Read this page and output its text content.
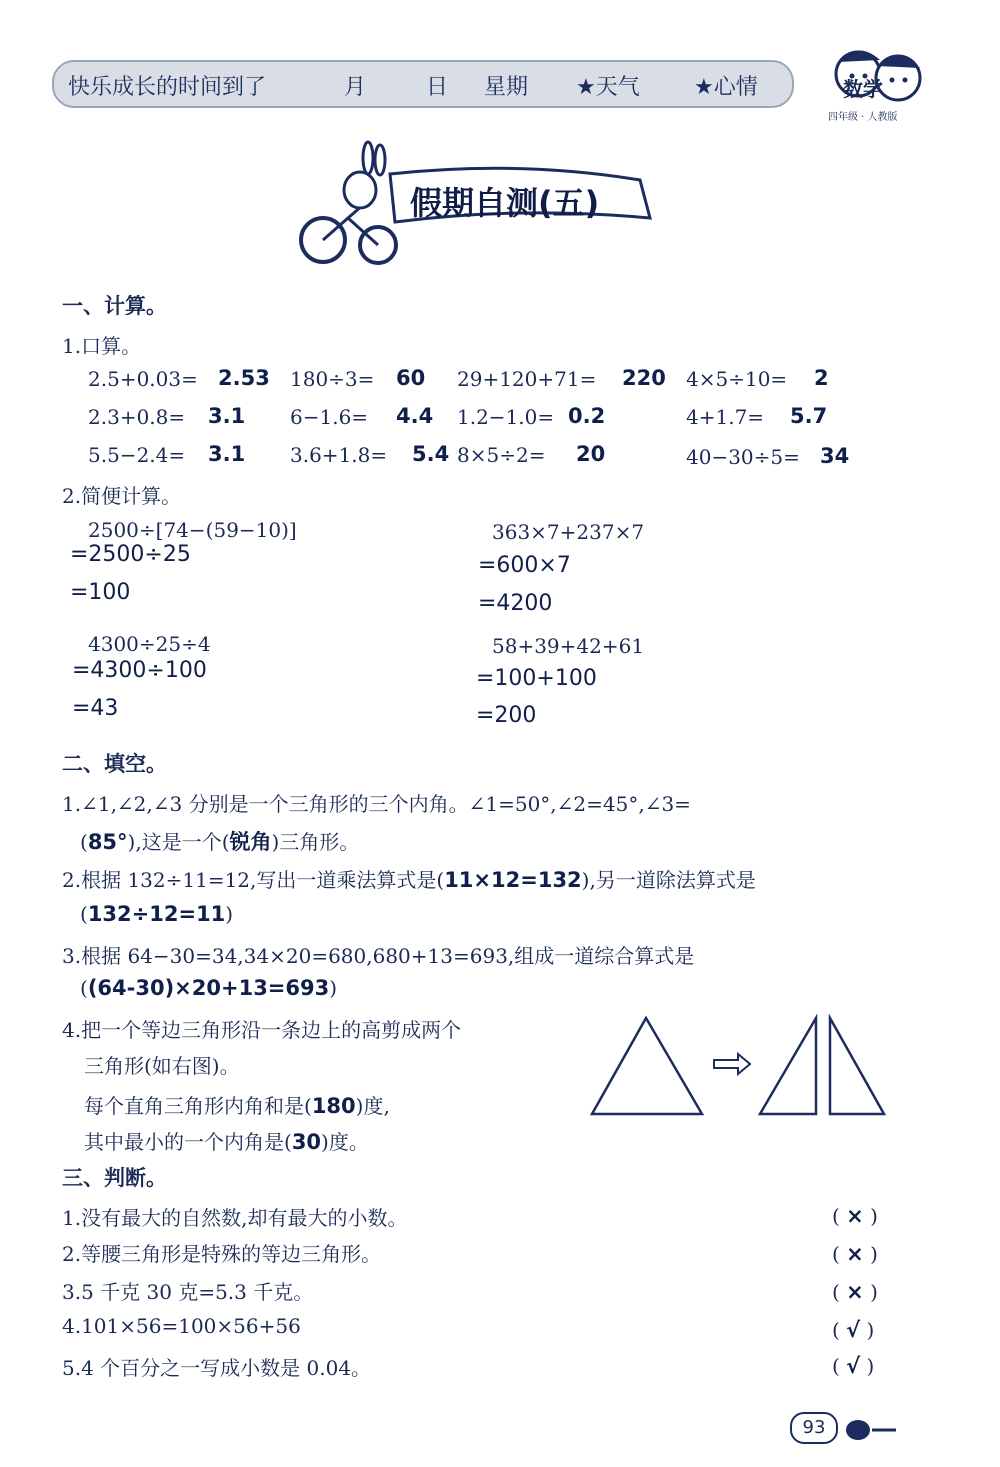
快乐成长的时间到了	月	日 星期 ★天气 ★心情	数学
四年级 · 人教版
假期自测(五)
一、计算。
1.口算。
2.5+0.03= 2.53 180÷3= 60 29+120+71= 220 4×5÷10= 2
2.3+0.8= 3.1 6−1.6= 4.4 1.2−1.0= 0.2	4+1.7= 5.7
5.5−2.4= 3.1 3.6+1.8= 5.4 8×5÷2= 20	40−30÷5= 34
2.简便计算。
2500÷[74−(59−10)]
=2500÷25
=100
363×7+237×7
=600×7
=4200
4300÷25÷4
=4300÷100
=43
58+39+42+61
=100+100
=200
二、填空。
1.∠1,∠2,∠3 分别是一个三角形的三个内角。∠1=50°,∠2=45°,∠3=
(85°),这是一个(锐角)三角形。
2.根据 132÷11=12,写出一道乘法算式是(11×12=132),另一道除法算式是
(132÷12=11)
3.根据 64−30=34,34×20=680,680+13=693,组成一道综合算式是
((64-30)×20+13=693)
4.把一个等边三角形沿一条边上的高剪成两个
三角形(如右图)。
每个直角三角形内角和是(180)度,
其中最小的一个内角是(30)度。
三、判断。
1.没有最大的自然数,却有最大的小数。	( × )
2.等腰三角形是特殊的等边三角形。	( × )
3.5 千克 30 克=5.3 千克。	( × )
4.101×56=100×56+56	( √ )
5.4 个百分之一写成小数是 0.04。	( √ )
93
